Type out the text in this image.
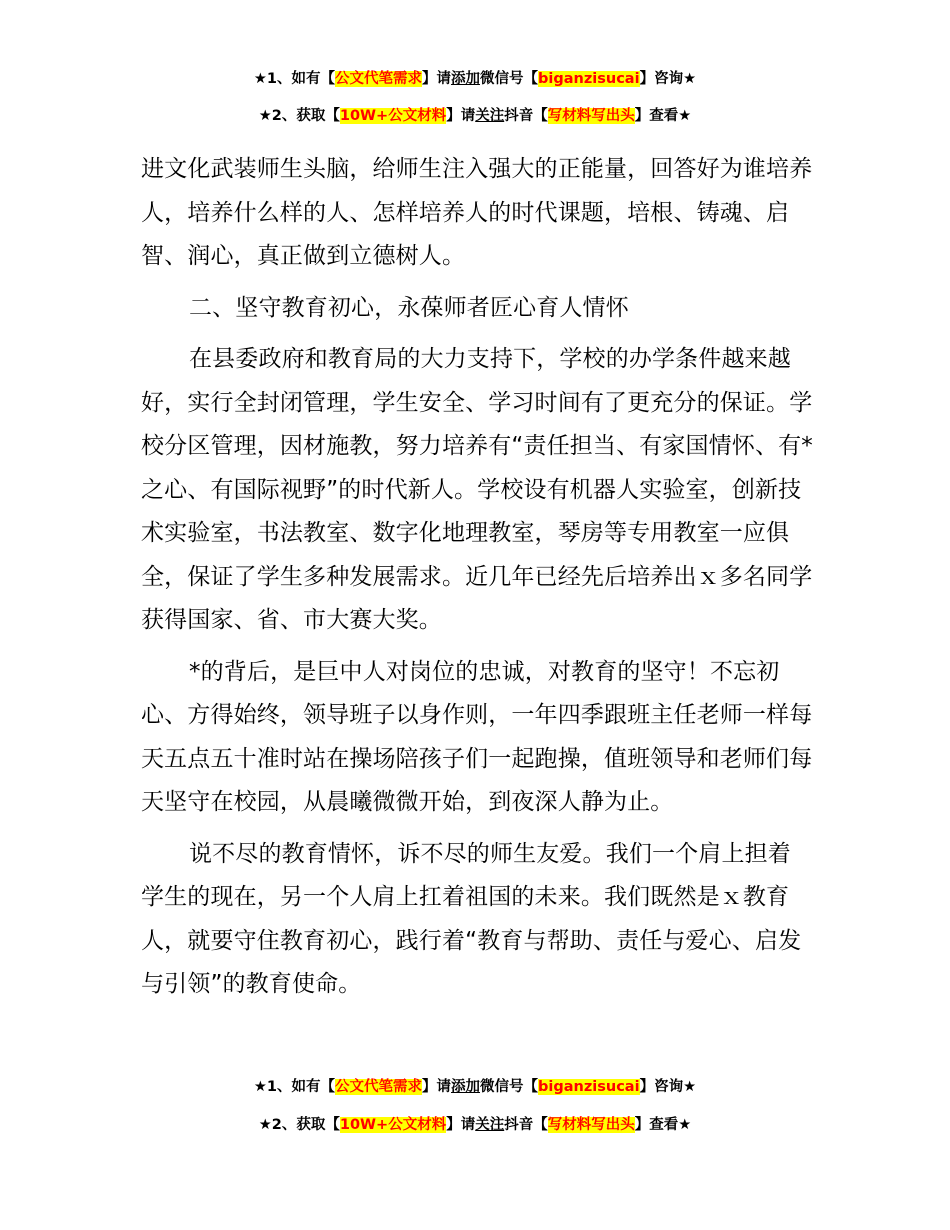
★1、如有【公文代笔需求】请添加微信号【biganzisucai】咨询★
★2、获取【10W+公文材料】请关注抖音【写材料写出头】查看★

进文化武装师生头脑，给师生注入强大的正能量，回答好为谁培养人，培养什么样的人、怎样培养人的时代课题，培根、铸魂、启智、润心，真正做到立德树人。

二、坚守教育初心，永葆师者匠心育人情怀

在县委政府和教育局的大力支持下，学校的办学条件越来越好，实行全封闭管理，学生安全、学习时间有了更充分的保证。学校分区管理，因材施教，努力培养有“责任担当、有家国情怀、有*之心、有国际视野”的时代新人。学校设有机器人实验室，创新技术实验室，书法教室、数字化地理教室，琴房等专用教室一应俱全，保证了学生多种发展需求。近几年已经先后培养出ｘ多名同学获得国家、省、市大赛大奖。

*的背后，是巨中人对岗位的忠诚，对教育的坚守！不忘初心、方得始终，领导班子以身作则，一年四季跟班主任老师一样每天五点五十准时站在操场陪孩子们一起跑操，值班领导和老师们每天坚守在校园，从晨曦微微开始，到夜深人静为止。

说不尽的教育情怀，诉不尽的师生友爱。我们一个肩上担着学生的现在，另一个人肩上扛着祖国的未来。我们既然是ｘ教育人，就要守住教育初心，践行着“教育与帮助、责任与爱心、启发与引领”的教育使命。

★1、如有【公文代笔需求】请添加微信号【biganzisucai】咨询★
★2、获取【10W+公文材料】请关注抖音【写材料写出头】查看★
